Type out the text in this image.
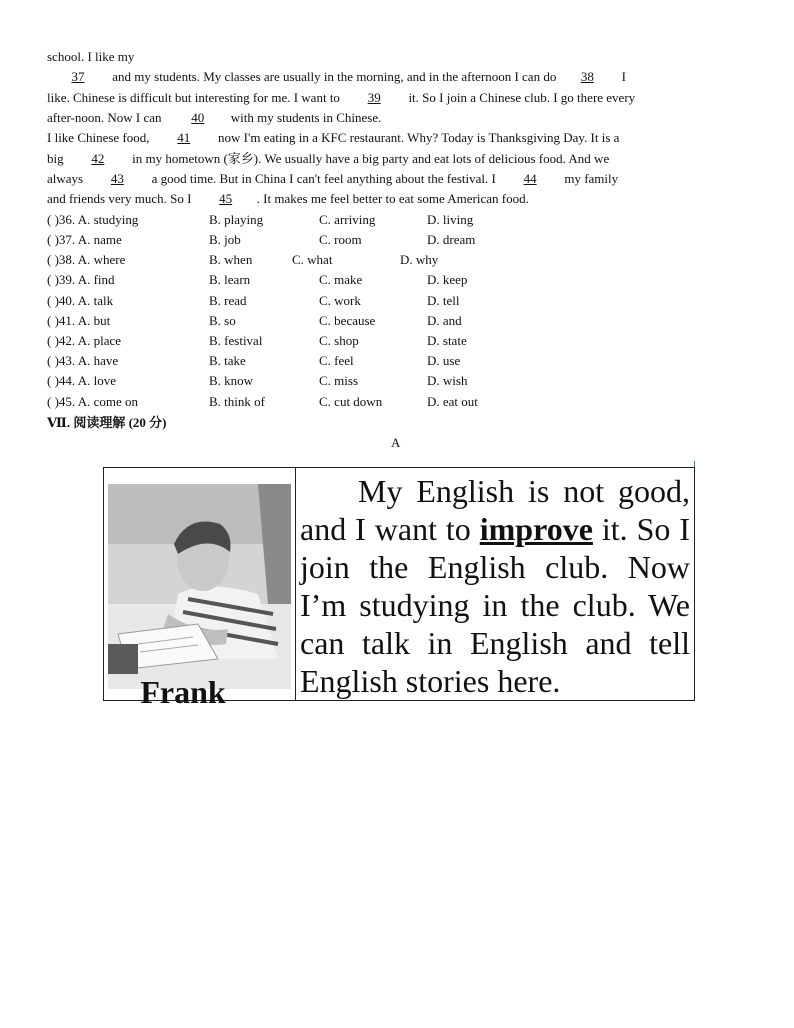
school. I like my
37 and my students. My classes are usually in the morning, and in the afternoon I can do 38 I
like. Chinese is difficult but interesting for me. I want to 39 it. So I join a Chinese club. I go there every
after-noon. Now I can 40 with my students in Chinese.
I like Chinese food, 41 now I'm eating in a KFC restaurant. Why? Today is Thanksgiving Day. It is a
big 42 in my hometown (家乡). We usually have a big party and eat lots of delicious food. And we
always 43 a good time. But in China I can't feel anything about the festival. I 44 my family
and friends very much. So I 45 . It makes me feel better to eat some American food.
( )36. A. studying	B. playing	C. arriving	D. living
( )37. A. name	B. job	C. room	D. dream
( )38. A. where	B. when	C. what	D. why
( )39. A. find	B. learn	C. make	D. keep
( )40. A. talk	B. read	C. work	D. tell
( )41. A. but	B. so	C. because	D. and
( )42. A. place	B. festival	C. shop	D. state
( )43. A. have	B. take	C. feel	D. use
( )44. A. love	B. know	C. miss	D. wish
( )45. A. come on	B. think of	C. cut down	D. eat out
Ⅶ. 阅读理解 (20 分)
A
Frank
My English is not good, and I want to improve it. So I join the English club. Now I’m studying in the club. We can talk in English and tell English stories here.
